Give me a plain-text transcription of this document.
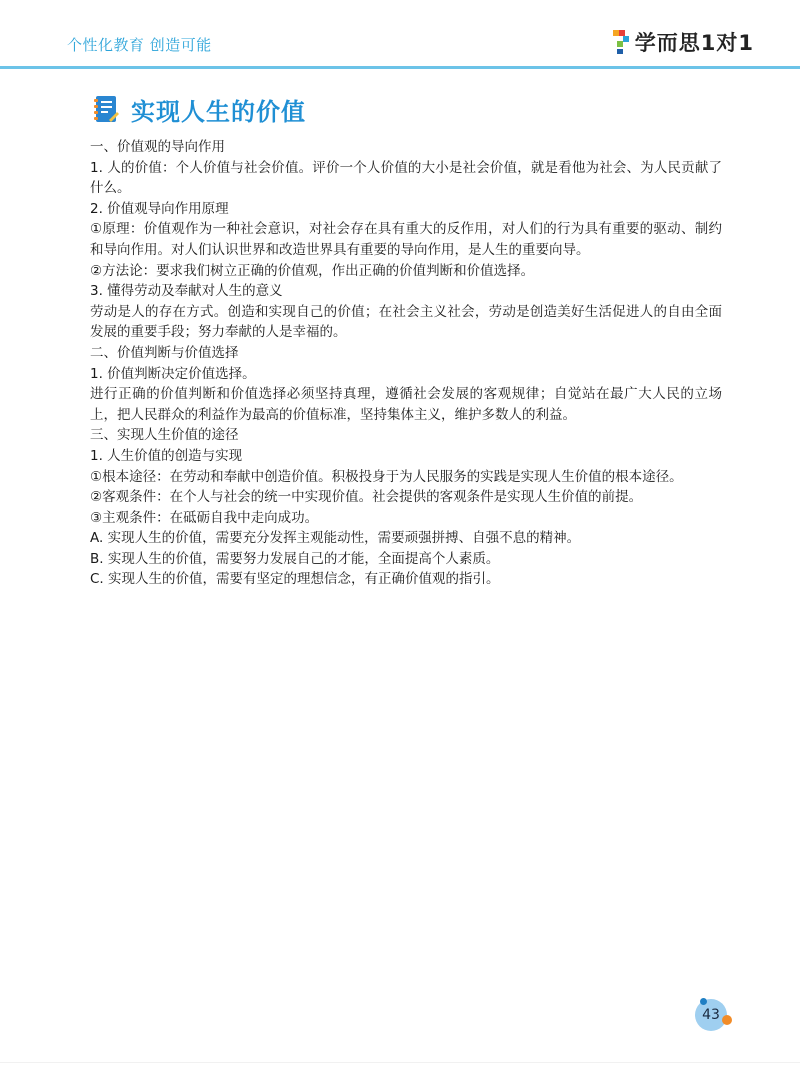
个性化教育 创造可能	学而思1对1
实现人生的价值

一、价值观的导向作用

1. 人的价值：个人价值与社会价值。评价一个人价值的大小是社会价值，就是看他为社会、为人民贡献了什么。

2. 价值观导向作用原理

①原理：价值观作为一种社会意识，对社会存在具有重大的反作用，对人们的行为具有重要的驱动、制约和导向作用。对人们认识世界和改造世界具有重要的导向作用，是人生的重要向导。

②方法论：要求我们树立正确的价值观，作出正确的价值判断和价值选择。

3. 懂得劳动及奉献对人生的意义

劳动是人的存在方式。创造和实现自己的价值；在社会主义社会，劳动是创造美好生活促进人的自由全面发展的重要手段；努力奉献的人是幸福的。

二、价值判断与价值选择

1. 价值判断决定价值选择。

进行正确的价值判断和价值选择必须坚持真理，遵循社会发展的客观规律；自觉站在最广大人民的立场上，把人民群众的利益作为最高的价值标准，坚持集体主义，维护多数人的利益。

三、实现人生价值的途径

1. 人生价值的创造与实现

①根本途径：在劳动和奉献中创造价值。积极投身于为人民服务的实践是实现人生价值的根本途径。

②客观条件：在个人与社会的统一中实现价值。社会提供的客观条件是实现人生价值的前提。

③主观条件：在砥砺自我中走向成功。

A. 实现人生的价值，需要充分发挥主观能动性，需要顽强拼搏、自强不息的精神。

B. 实现人生的价值，需要努力发展自己的才能，全面提高个人素质。

C. 实现人生的价值，需要有坚定的理想信念，有正确价值观的指引。

43
